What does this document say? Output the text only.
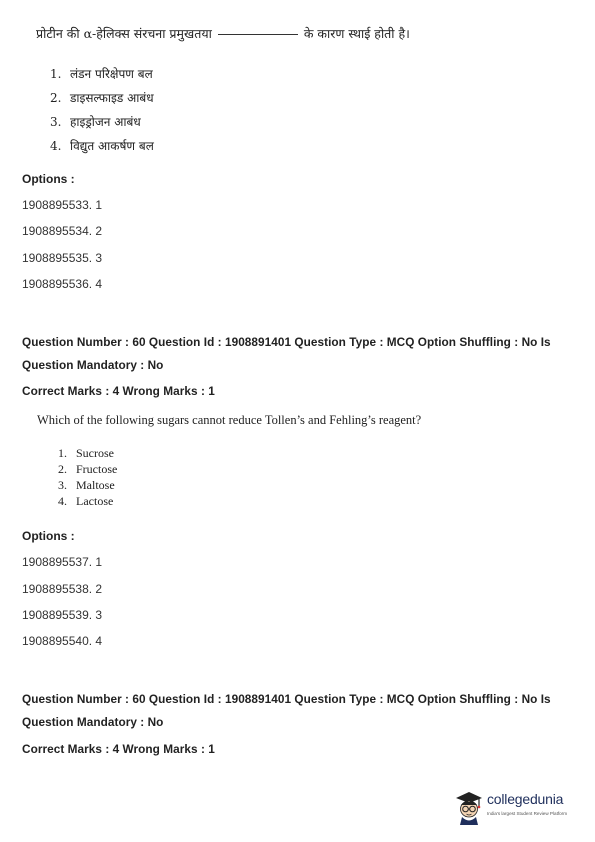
प्रोटीन की α-हेलिक्स संरचना प्रमुखतया	के कारण स्थाई होती है।
1. लंडन परिक्षेपण बल
2. डाइसल्फाइड आबंध
3. हाइड्रोजन आबंध
4. विद्युत आकर्षण बल
Options :
1908895533. 1
1908895534. 2
1908895535. 3
1908895536. 4
Question Number : 60 Question Id : 1908891401 Question Type : MCQ Option Shuffling : No Is
Question Mandatory : No
Correct Marks : 4 Wrong Marks : 1
Which of the following sugars cannot reduce Tollen’s and Fehling’s reagent?
1. Sucrose
2. Fructose
3. Maltose
4. Lactose
Options :
1908895537. 1
1908895538. 2
1908895539. 3
1908895540. 4
Question Number : 60 Question Id : 1908891401 Question Type : MCQ Option Shuffling : No Is
Question Mandatory : No
Correct Marks : 4 Wrong Marks : 1
collegedunia
India's largest Student Review Platform
